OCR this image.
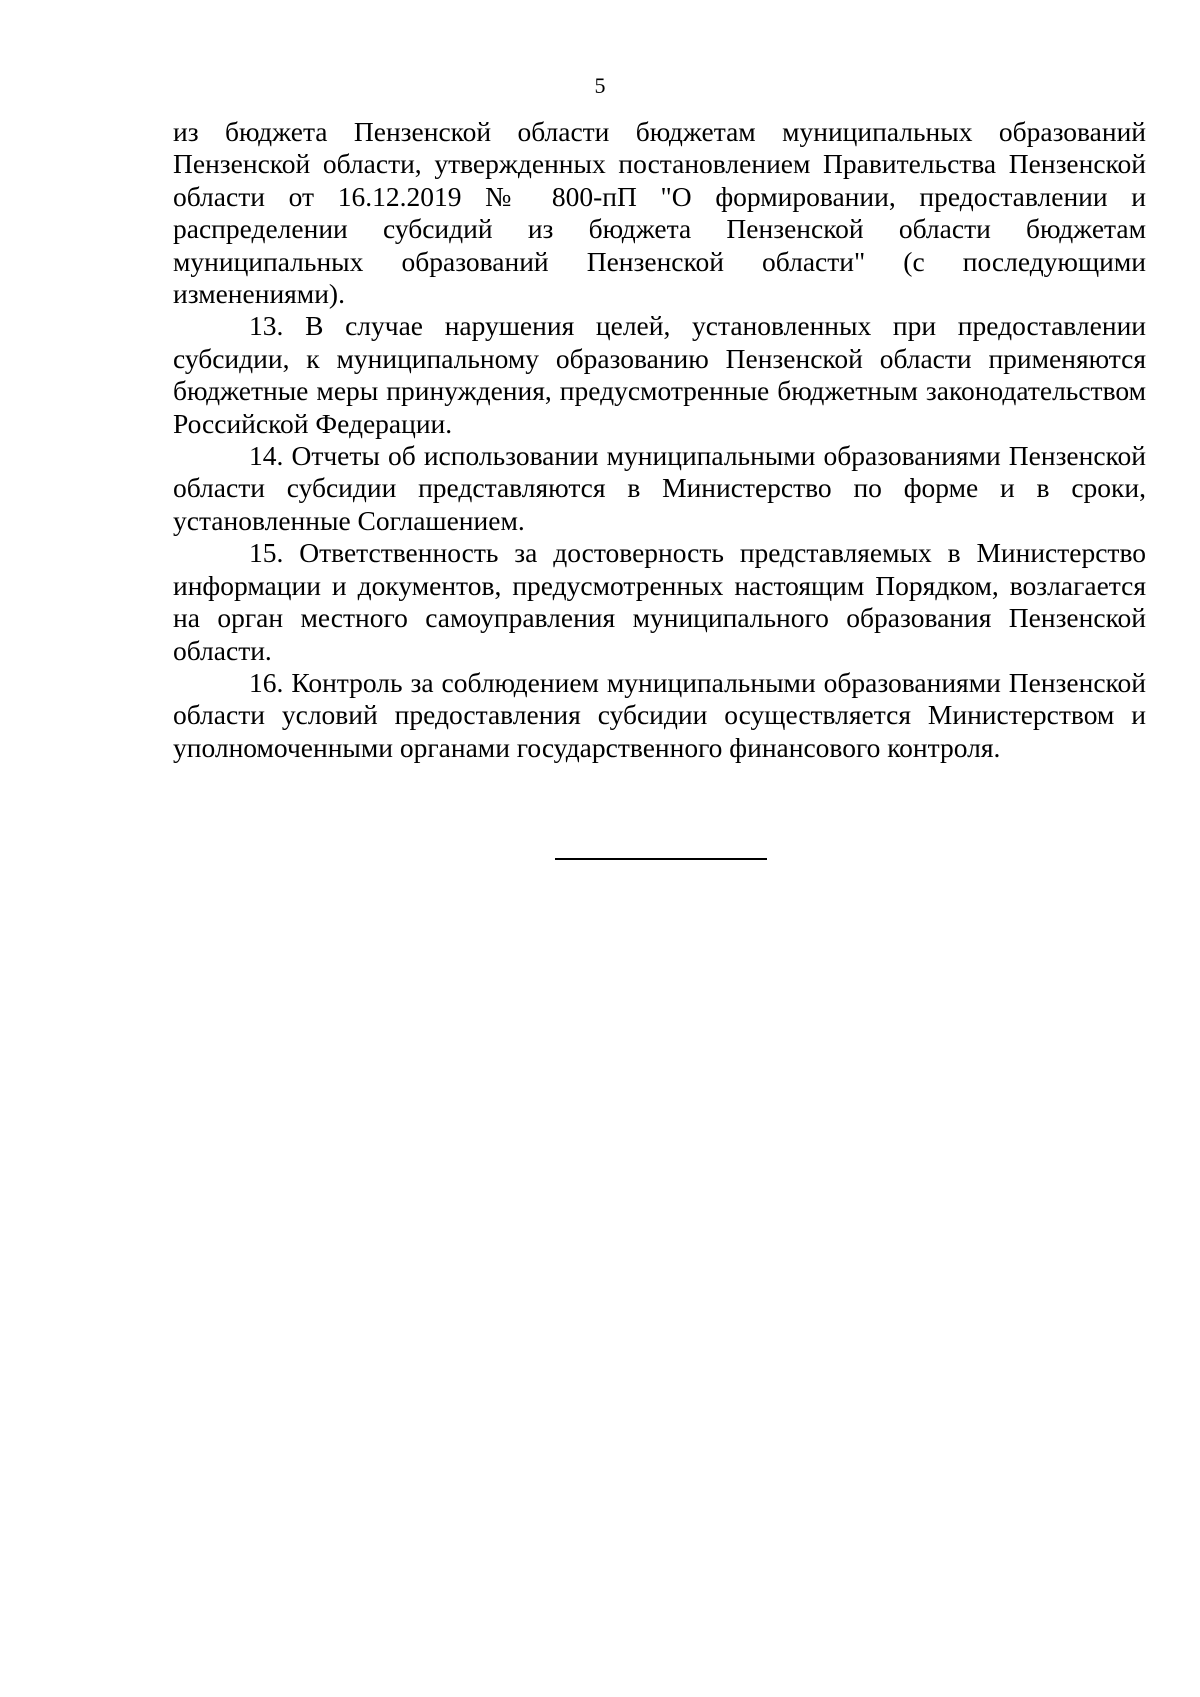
5

из бюджета Пензенской области бюджетам муниципальных образований Пензенской области, утвержденных постановлением Правительства Пензенской области от 16.12.2019 № 800-пП "О формировании, предоставлении и распределении субсидий из бюджета Пензенской области бюджетам муниципальных образований Пензенской области" (с последующими изменениями).

13. В случае нарушения целей, установленных при предоставлении субсидии, к муниципальному образованию Пензенской области применяются бюджетные меры принуждения, предусмотренные бюджетным законодательством Российской Федерации.

14. Отчеты об использовании муниципальными образованиями Пензенской области субсидии представляются в Министерство по форме и в сроки, установленные Соглашением.

15. Ответственность за достоверность представляемых в Министерство информации и документов, предусмотренных настоящим Порядком, возлагается на орган местного самоуправления муниципального образования Пензенской области.

16. Контроль за соблюдением муниципальными образованиями Пензенской области условий предоставления субсидии осуществляется Министерством и уполномоченными органами государственного финансового контроля.
